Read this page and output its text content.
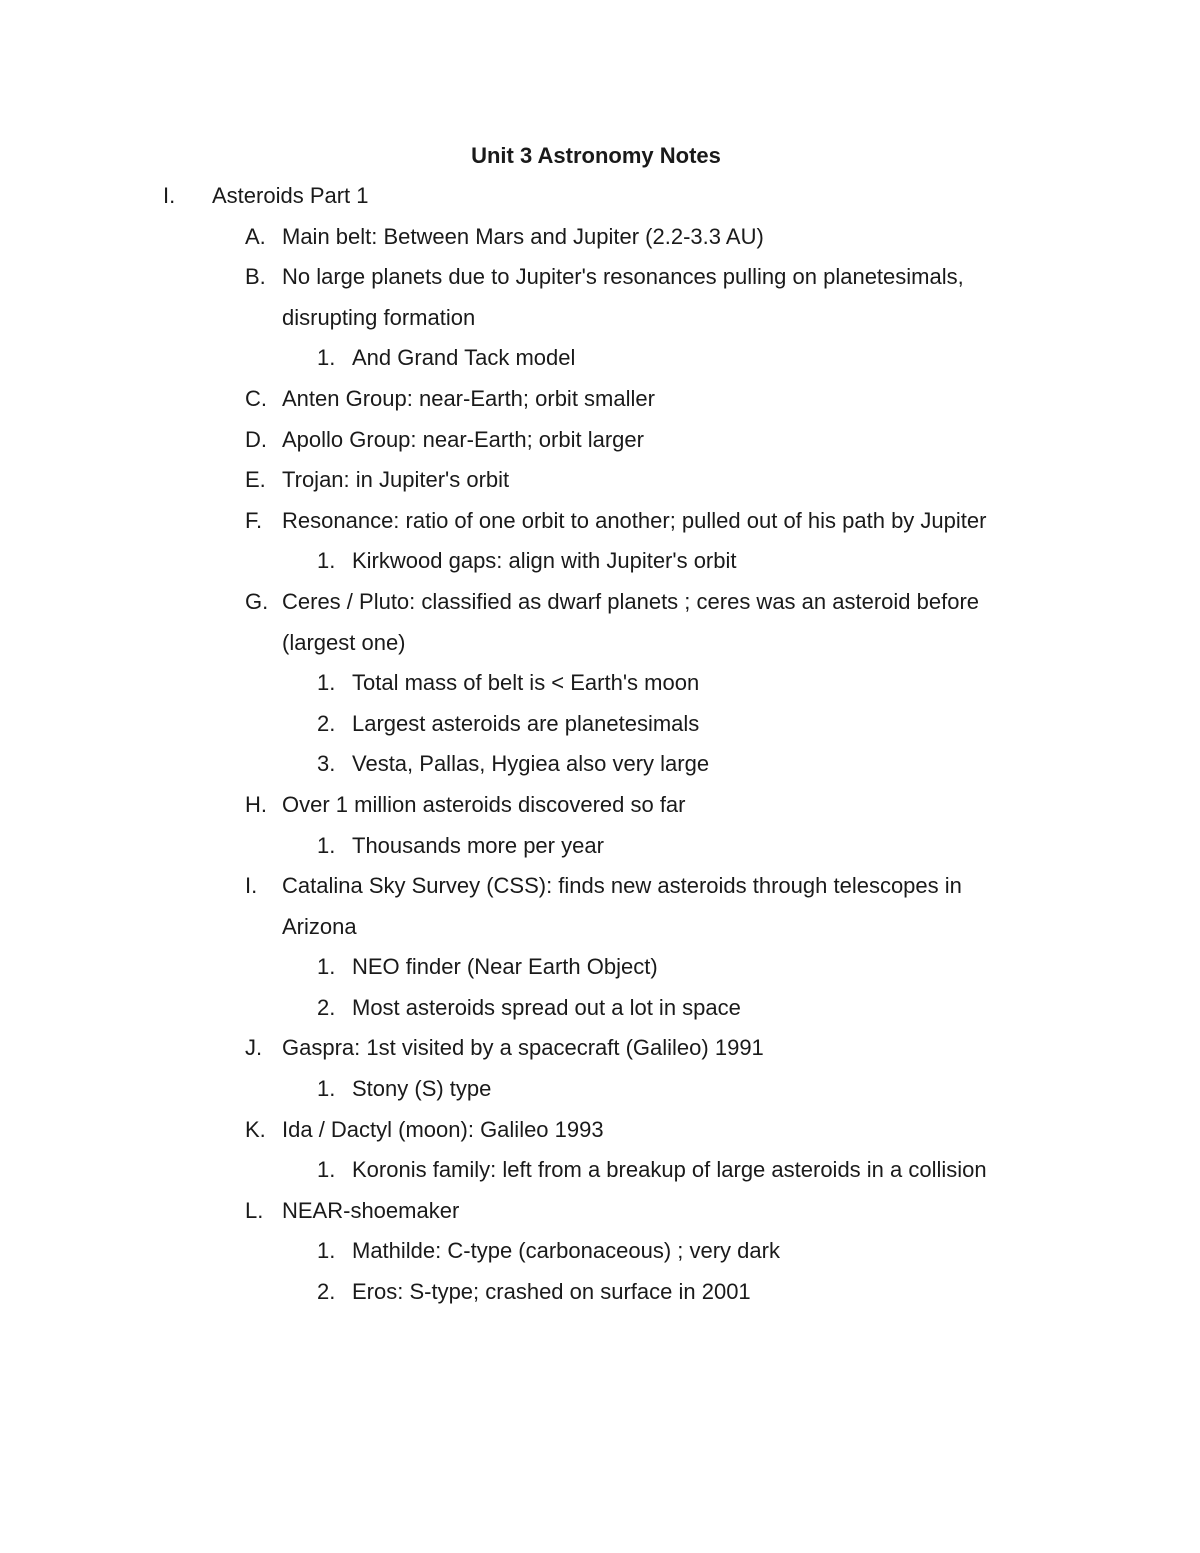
Unit 3 Astronomy Notes
I. Asteroids Part 1
A. Main belt: Between Mars and Jupiter (2.2-3.3 AU)
B. No large planets due to Jupiter's resonances pulling on planetesimals,
disrupting formation
1. And Grand Tack model
C. Anten Group: near-Earth; orbit smaller
D. Apollo Group: near-Earth; orbit larger
E. Trojan: in Jupiter's orbit
F. Resonance: ratio of one orbit to another; pulled out of his path by Jupiter
1. Kirkwood gaps: align with Jupiter's orbit
G. Ceres / Pluto: classified as dwarf planets ; ceres was an asteroid before
(largest one)
1. Total mass of belt is < Earth's moon
2. Largest asteroids are planetesimals
3. Vesta, Pallas, Hygiea also very large
H. Over 1 million asteroids discovered so far
1. Thousands more per year
I. Catalina Sky Survey (CSS): finds new asteroids through telescopes in
Arizona
1. NEO finder (Near Earth Object)
2. Most asteroids spread out a lot in space
J. Gaspra: 1st visited by a spacecraft (Galileo) 1991
1. Stony (S) type
K. Ida / Dactyl (moon): Galileo 1993
1. Koronis family: left from a breakup of large asteroids in a collision
L. NEAR-shoemaker
1. Mathilde: C-type (carbonaceous) ; very dark
2. Eros: S-type; crashed on surface in 2001
